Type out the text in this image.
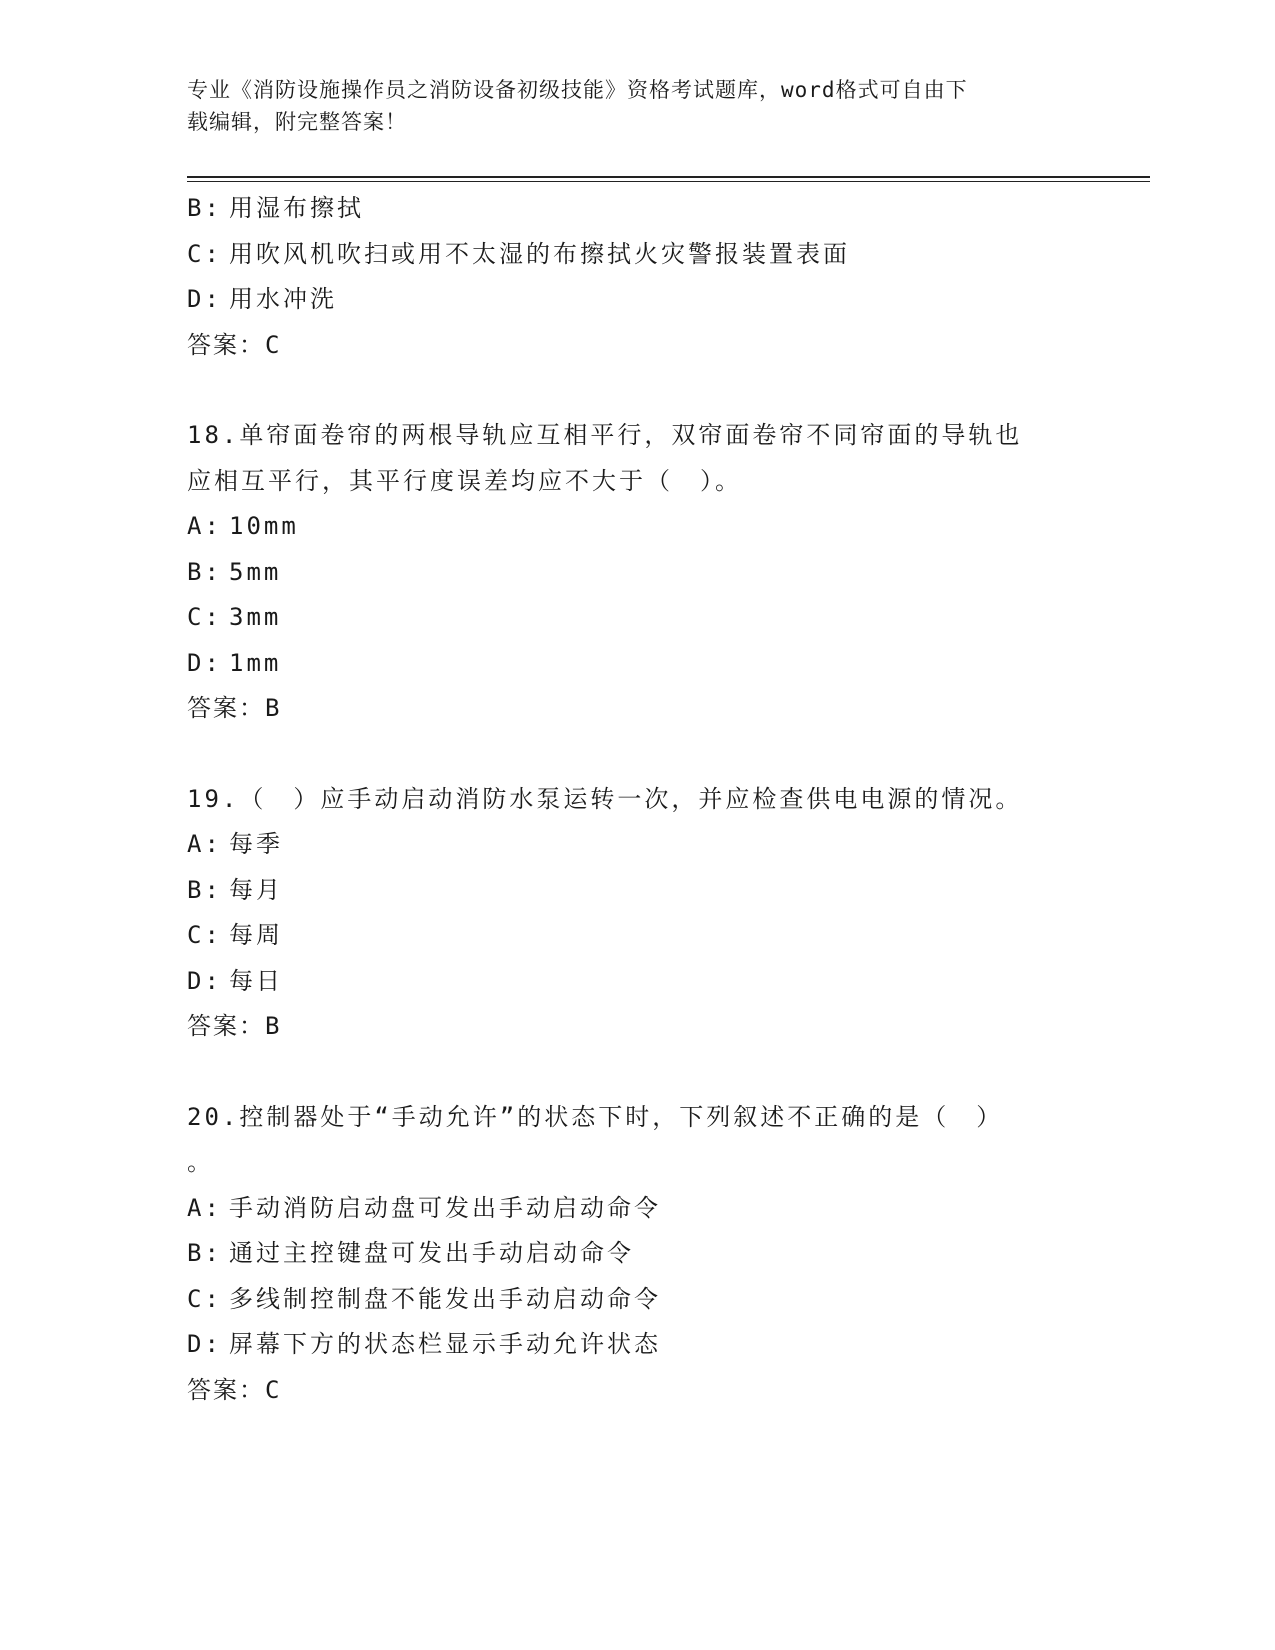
专业《消防设施操作员之消防设备初级技能》资格考试题库，word格式可自由下
载编辑，附完整答案！
B: 用湿布擦拭
C: 用吹风机吹扫或用不太湿的布擦拭火灾警报装置表面
D: 用水冲洗
答案：C
18.单帘面卷帘的两根导轨应互相平行，双帘面卷帘不同帘面的导轨也
应相互平行，其平行度误差均应不大于（　）。
A: 10mm
B: 5mm
C: 3mm
D: 1mm
答案：B
19.（　）应手动启动消防水泵运转一次，并应检查供电电源的情况。
A: 每季
B: 每月
C: 每周
D: 每日
答案：B
20.控制器处于“手动允许”的状态下时，下列叙述不正确的是（　）
。
A: 手动消防启动盘可发出手动启动命令
B: 通过主控键盘可发出手动启动命令
C: 多线制控制盘不能发出手动启动命令
D: 屏幕下方的状态栏显示手动允许状态
答案：C
